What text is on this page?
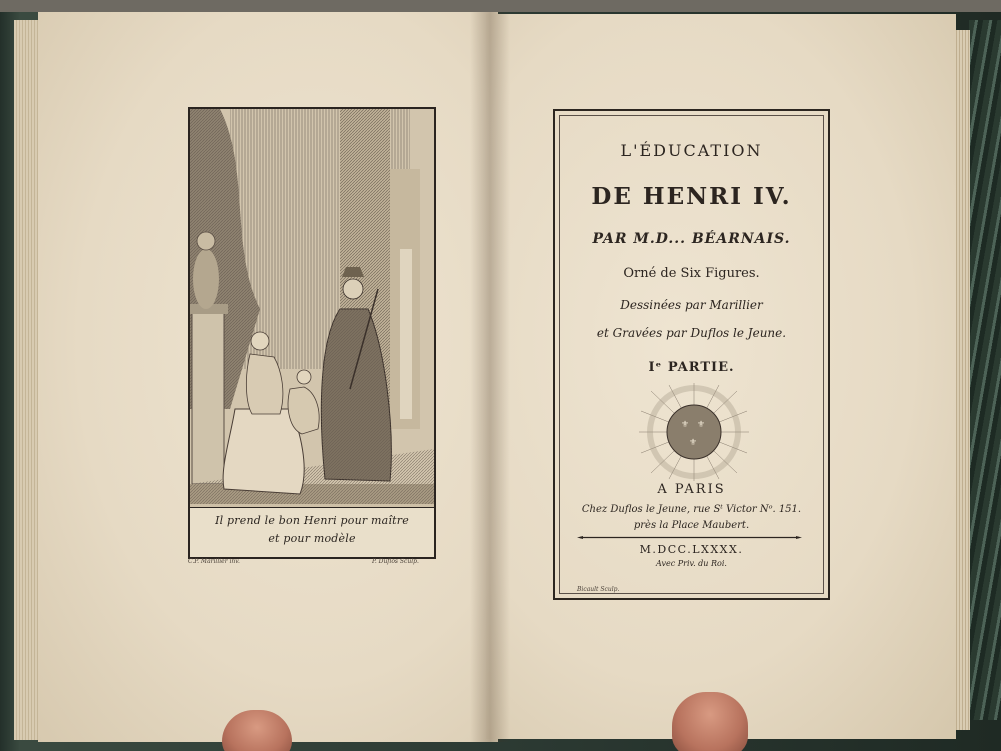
Il prend le bon Henri pour maître
et pour modèle
C.P. Marillier inv.	P. Duflos Sculp.
L'ÉDUCATION
DE HENRI IV.
PAR M.D... BÉARNAIS.
Orné de Six Figures.
Dessinées par Marillier
et Gravées par Duflos le Jeune.
Iᵉ PARTIE.
⚜ ⚜
⚜
A PARIS
Chez Duflos le Jeune, rue Sᵗ Victor Nᵒ. 151.
près la Place Maubert.
M.DCC.LXXXX.
Avec Priv. du Roi.
Bicault Sculp.
